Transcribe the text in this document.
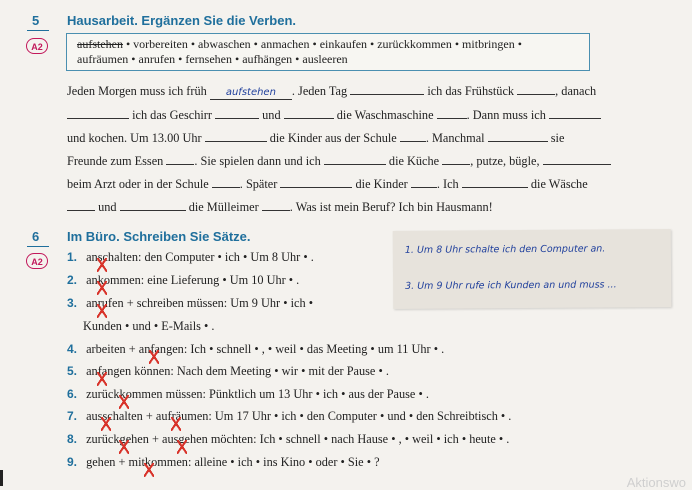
5 Hausarbeit. Ergänzen Sie die Verben.
A2	aufstehen • vorbereiten • abwaschen • anmachen • einkaufen • zurückkommen • mitbringen •
aufräumen • anrufen • fernsehen • aufhängen • ausleeren
Jeden Morgen muss ich früh aufstehen . Jeden Tag	ich das Frühstück	, danach
ich das Geschirr	und	die Waschmaschine	. Dann muss ich
und kochen. Um 13.00 Uhr	die Kinder aus der Schule . Manchmal	sie
Freunde zum Essen	. Sie spielen dann und ich	die Küche	, putze, bügle,
beim Arzt oder in der Schule	. Später	die Kinder . Ich	die Wäsche
und	die Mülleimer	. Was ist mein Beruf? Ich bin Hausmann!
6 Im Büro. Schreiben Sie Sätze.
A2	1. anschalten: den Computer • ich • Um 8 Uhr • .
2. ankommen: eine Lieferung • Um 10 Uhr • .
3. anrufen + schreiben müssen: Um 9 Uhr • ich •
Kunden • und • E-Mails • .
4. arbeiten + anfangen: Ich • schnell • , • weil • das Meeting • um 11 Uhr • .
5. anfangen können: Nach dem Meeting • wir • mit der Pause • .
6. zurückkommen müssen: Pünktlich um 13 Uhr • ich • aus der Pause • .
7. ausschalten + aufräumen: Um 17 Uhr • ich • den Computer • und • den Schreibtisch • .
8. zurückgehen + ausgehen möchten: Ich • schnell • nach Hause • , • weil • ich • heute • .
9. gehen + mitkommen: alleine • ich • ins Kino • oder • Sie • ?
1. Um 8 Uhr schalte ich den Computer an.
3. Um 9 Uhr rufe ich Kunden an und muss ...
Aktionswo
